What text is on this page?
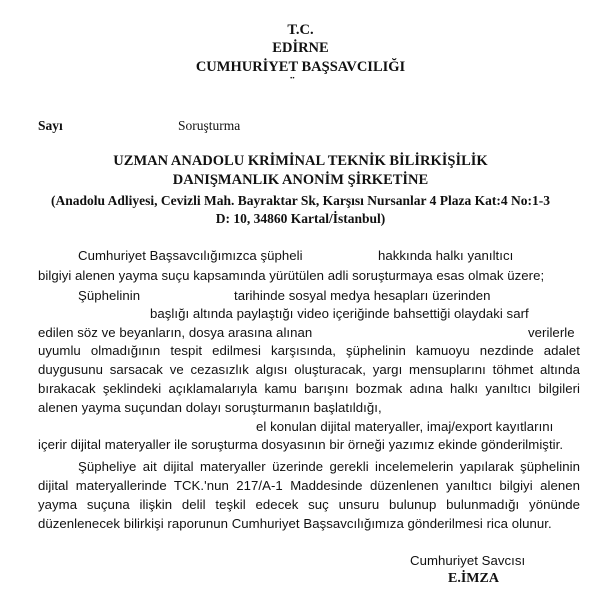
T.C.
EDİRNE
CUMHURİYET BAŞSAVCILIĞI
¨
Sayı	Soruşturma
UZMAN ANADOLU KRİMİNAL TEKNİK BİLİRKİŞİLİK
DANIŞMANLIK ANONİM ŞİRKETİNE
(Anadolu Adliyesi, Cevizli Mah. Bayraktar Sk, Karşısı Nursanlar 4 Plaza Kat:4 No:1-3
D: 10, 34860 Kartal/İstanbul)
Cumhuriyet Başsavcılığımızca şüpheli	hakkında halkı yanıltıcı
bilgiyi alenen yayma suçu kapsamında yürütülen adli soruşturmaya esas olmak üzere;
Şüphelinin	tarihinde sosyal medya hesapları üzerinden
başlığı altında paylaştığı video içeriğinde bahsettiği olaydaki sarf
edilen söz ve beyanların, dosya arasına alınan	verilerle
uyumlu olmadığının tespit edilmesi karşısında, şüphelinin kamuoyu nezdinde adalet
duygusunu sarsacak ve cezasızlık algısı oluşturacak, yargı mensuplarını töhmet altında
bırakacak şeklindeki açıklamalarıyla kamu barışını bozmak adına halkı yanıltıcı bilgileri
alenen yayma suçundan dolayı soruşturmanın başlatıldığı,
el konulan dijital materyaller, imaj/export kayıtlarını
içerir dijital materyaller ile soruşturma dosyasının bir örneği yazımız ekinde gönderilmiştir.
Şüpheliye ait dijital materyaller üzerinde gerekli incelemelerin yapılarak şüphelinin
dijital materyallerinde TCK.'nun 217/A-1 Maddesinde düzenlenen yanıltıcı bilgiyi alenen
yayma suçuna ilişkin delil teşkil edecek suç unsuru bulunup bulunmadığı yönünde
düzenlenecek bilirkişi raporunun Cumhuriyet Başsavcılığımıza gönderilmesi rica olunur.
Cumhuriyet Savcısı
E.İMZA
